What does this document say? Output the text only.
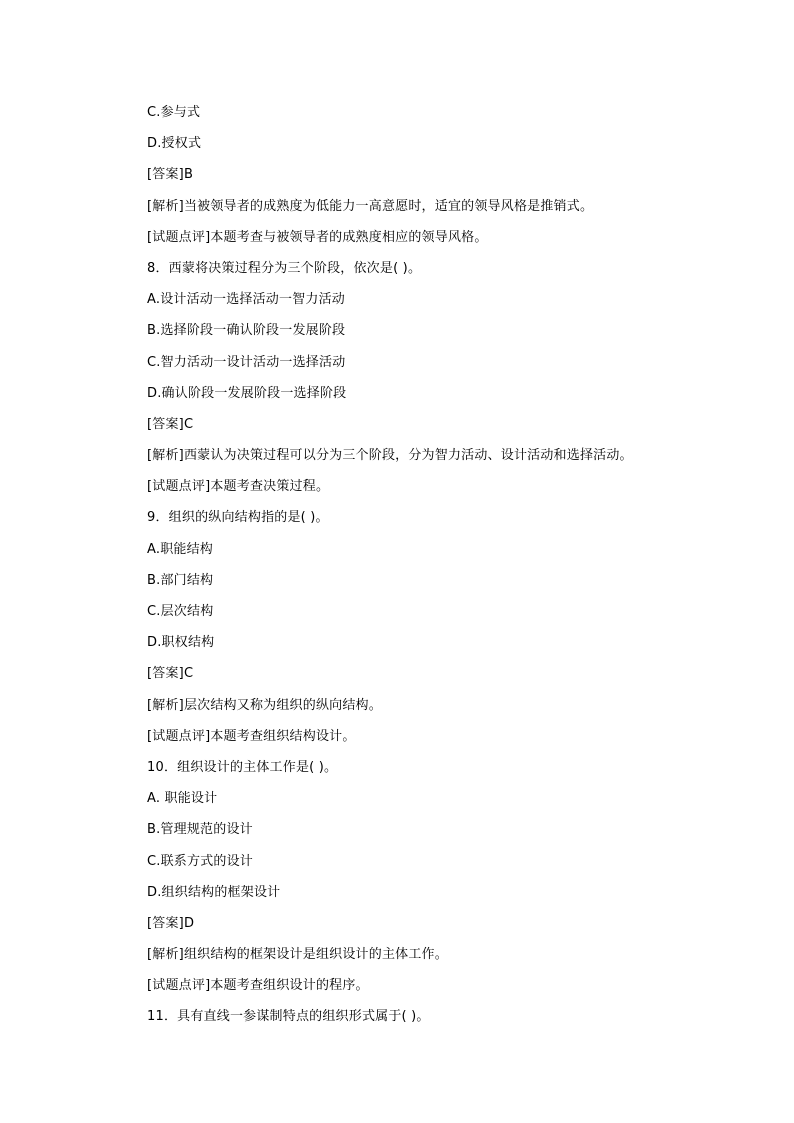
C.参与式
D.授权式
[答案]B
[解析]当被领导者的成熟度为低能力一高意愿时，适宜的领导风格是推销式。
[试题点评]本题考查与被领导者的成熟度相应的领导风格。
8．西蒙将决策过程分为三个阶段，依次是( )。
A.设计活动一选择活动一智力活动
B.选择阶段一确认阶段一发展阶段
C.智力活动一设计活动一选择活动
D.确认阶段一发展阶段一选择阶段
[答案]C
[解析]西蒙认为决策过程可以分为三个阶段，分为智力活动、设计活动和选择活动。
[试题点评]本题考查决策过程。
9．组织的纵向结构指的是( )。
A.职能结构
B.部门结构
C.层次结构
D.职权结构
[答案]C
[解析]层次结构又称为组织的纵向结构。
[试题点评]本题考查组织结构设计。
10．组织设计的主体工作是( )。
A. 职能设计
B.管理规范的设计
C.联系方式的设计
D.组织结构的框架设计
[答案]D
[解析]组织结构的框架设计是组织设计的主体工作。
[试题点评]本题考查组织设计的程序。
11．具有直线一参谋制特点的组织形式属于( )。
